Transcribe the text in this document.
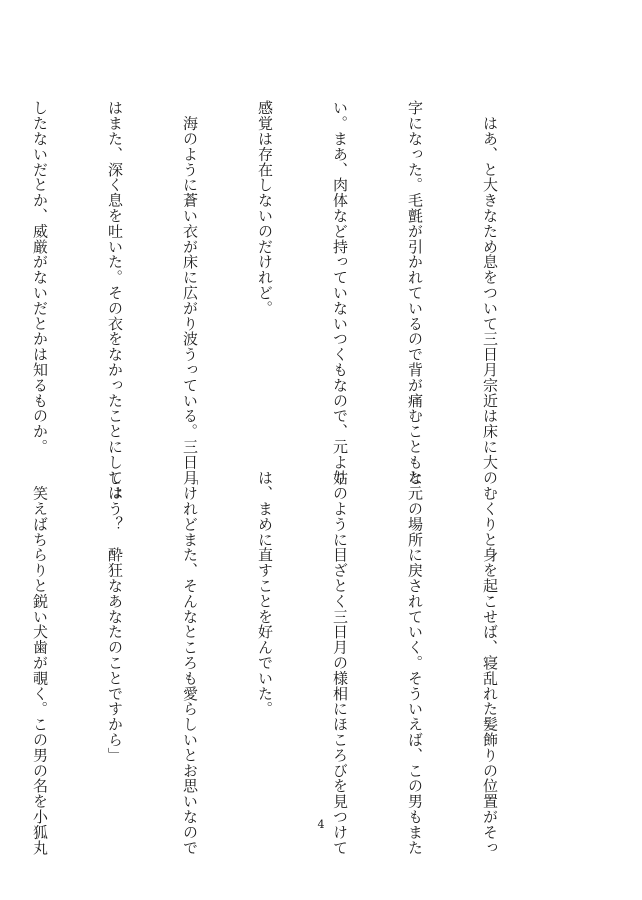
　はあ、と大きなため息をついて三日月宗近は床に大の

字になった。毛氈が引かれているので背が痛むこともな

い。まあ、肉体など持っていないつくもなので、元より

感覚は存在しないのだけれど。

　海のように蒼い衣が床に広がり波うっている。三日月

はまた、深く息を吐いた。その衣をなかったことにしては

したないだとか、威厳がないだとかは知るものか。

　むくりと身を起こせば、寝乱れた髪飾りの位置がそっ

と元の場所に戻されていく。そういえば、この男もまた

姑のように目ざとく三日月の様相にほころびを見つけて

は、まめに直すことを好んでいた。

「けれどまた、そんなところも愛らしいとお思いなので

しょう？　酔狂なあなたのことですから」

　笑えばちらりと鋭い犬歯が覗く。この男の名を小狐丸

	4
